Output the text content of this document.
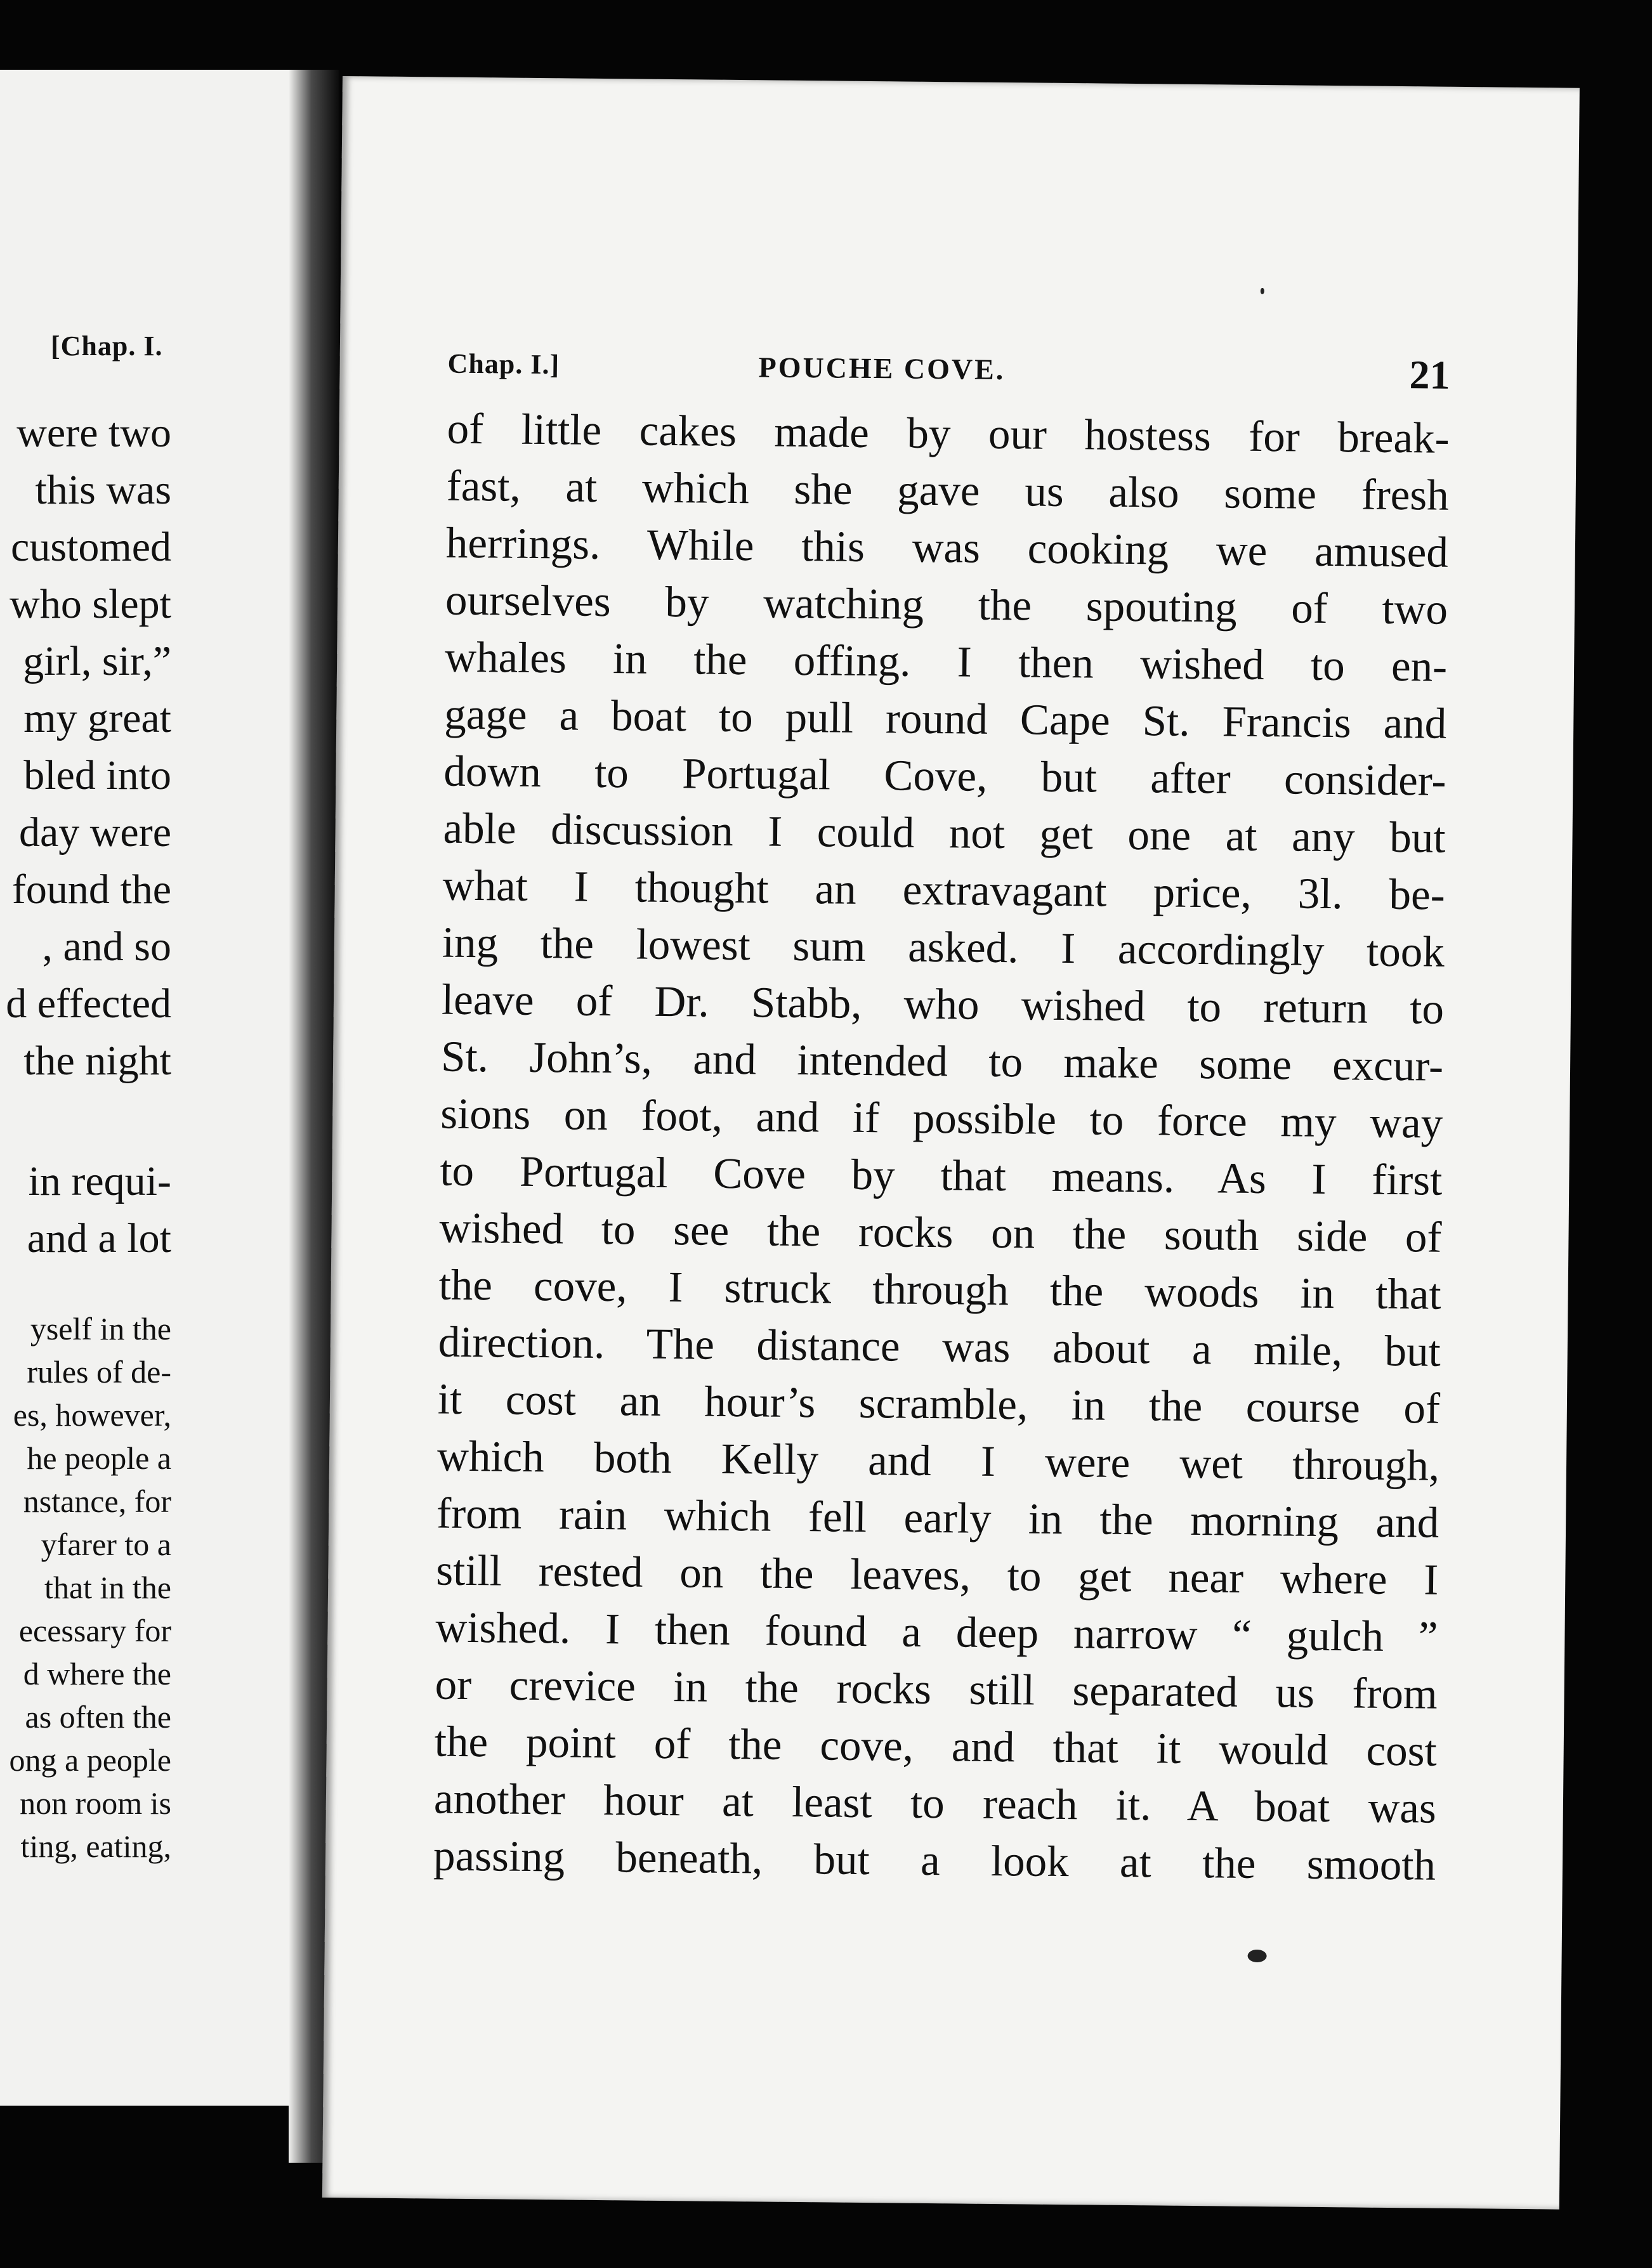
[Chap. I.
were two
this was
customed
who slept
girl, sir,”
my great
bled into
day were
found the
, and so
d effected
the night
in requi-
and a lot
yself in the
rules of de-
es, however,
he people a
nstance, for
yfarer to a
that in the
ecessary for
d where the
as often the
ong a people
non room is
ting, eating,
Chap. I.]	POUCHE COVE.	21
of little cakes made by our hostess for break-
fast, at which she gave us also some fresh
herrings. While this was cooking we amused
ourselves by watching the spouting of two
whales in the offing. I then wished to en-
gage a boat to pull round Cape St. Francis and
down to Portugal Cove, but after consider-
able discussion I could not get one at any but
what I thought an extravagant price, 3l. be-
ing the lowest sum asked. I accordingly took
leave of Dr. Stabb, who wished to return to
St. John’s, and intended to make some excur-
sions on foot, and if possible to force my way
to Portugal Cove by that means. As I first
wished to see the rocks on the south side of
the cove, I struck through the woods in that
direction. The distance was about a mile, but
it cost an hour’s scramble, in the course of
which both Kelly and I were wet through,
from rain which fell early in the morning and
still rested on the leaves, to get near where I
wished. I then found a deep narrow “ gulch ”
or crevice in the rocks still separated us from
the point of the cove, and that it would cost
another hour at least to reach it. A boat was
passing beneath, but a look at the smooth
